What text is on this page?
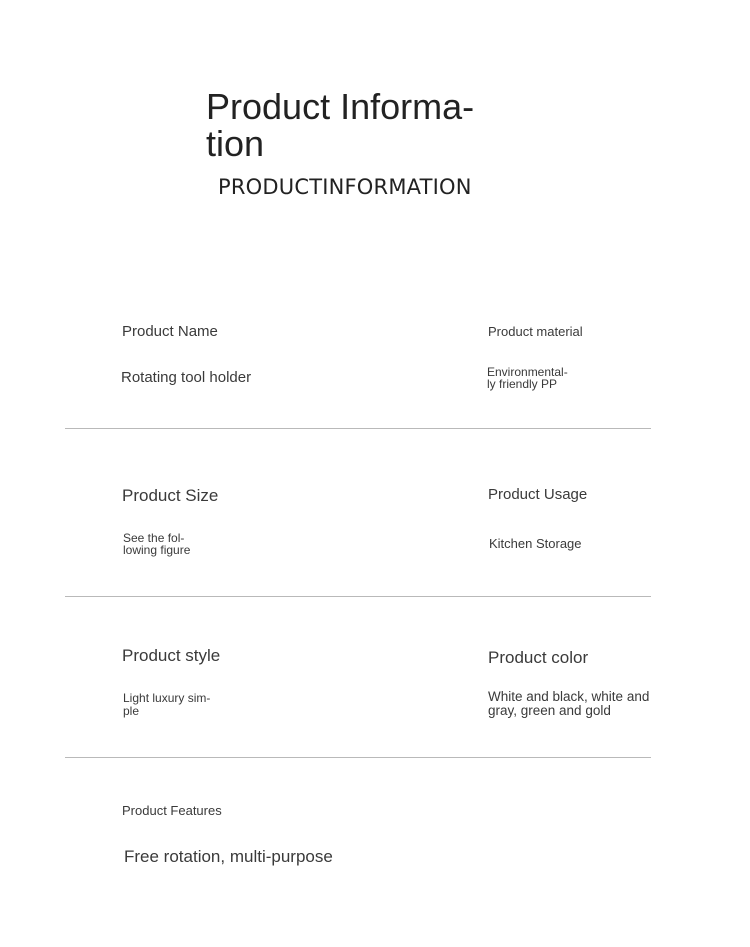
Product Informa-
tion
PRODUCTINFORMATION
Product Name
Rotating tool holder
Product material
Environmental-
ly friendly PP
Product Size
See the fol-
lowing figure
Product Usage
Kitchen Storage
Product style
Light luxury sim-
ple
Product color
White and black, white and
gray, green and gold
Product Features
Free rotation, multi-purpose
